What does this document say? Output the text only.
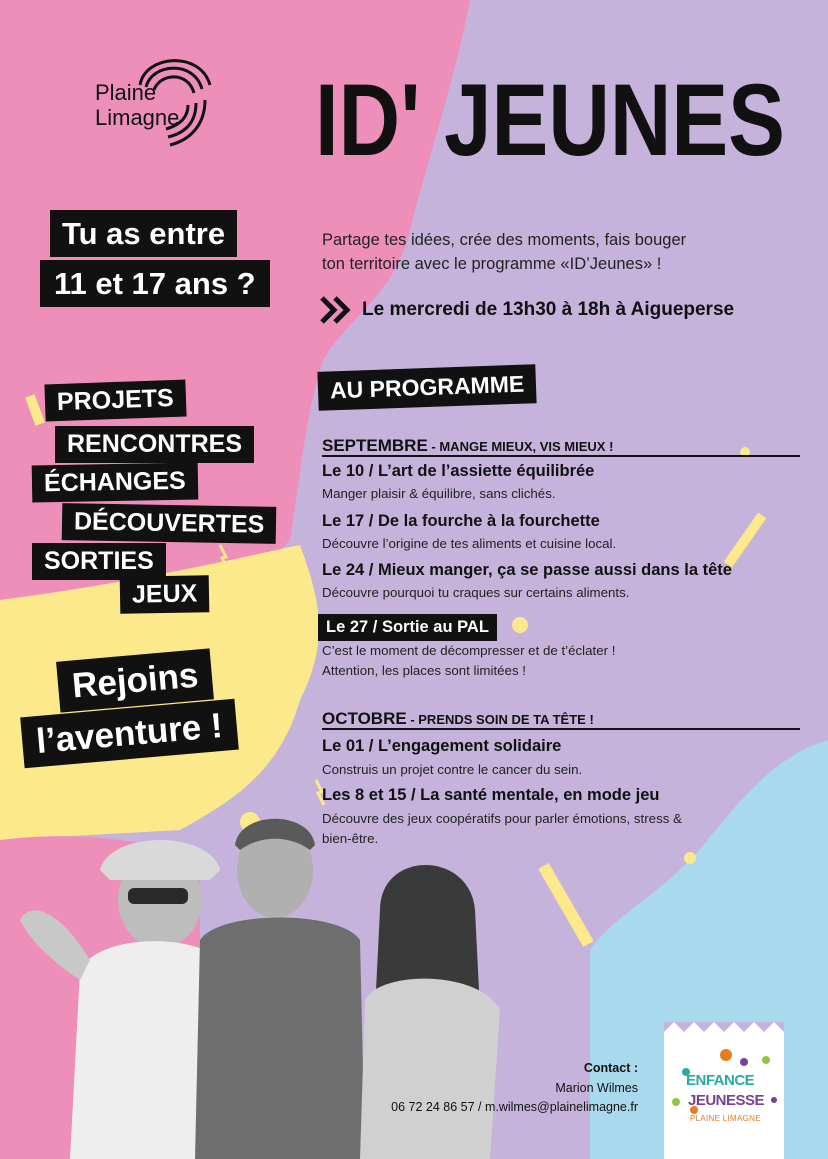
Plaine
Limagne ID' JEUNES
Tu as entre
11 et 17 ans ?
Partage tes idées, crée des moments, fais bouger
ton territoire avec le programme «ID’Jeunes» !
Le mercredi de 13h30 à 18h à Aigueperse
PROJETS
RENCONTRES
ÉCHANGES
DÉCOUVERTES
SORTIES
JEUX
Rejoins
l’aventure !
AU PROGRAMME
SEPTEMBRE - MANGE MIEUX, VIS MIEUX !
Le 10 / L’art de l’assiette équilibrée
Manger plaisir & équilibre, sans clichés.
Le 17 / De la fourche à la fourchette
Découvre l’origine de tes aliments et cuisine local.
Le 24 / Mieux manger, ça se passe aussi dans la tête
Découvre pourquoi tu craques sur certains aliments.
Le 27 / Sortie au PAL
C’est le moment de décompresser et de t’éclater !
Attention, les places sont limitées !
OCTOBRE - PRENDS SOIN DE TA TÊTE !
Le 01 / L’engagement solidaire
Construis un projet contre le cancer du sein.
Les 8 et 15 / La santé mentale, en mode jeu
Découvre des jeux coopératifs pour parler émotions, stress &
bien-être.
Contact :
Marion Wilmes
06 72 24 86 57 / m.wilmes@plainelimagne.fr
ENFANCE
JEUNESSE
PLAINE LIMAGNE
